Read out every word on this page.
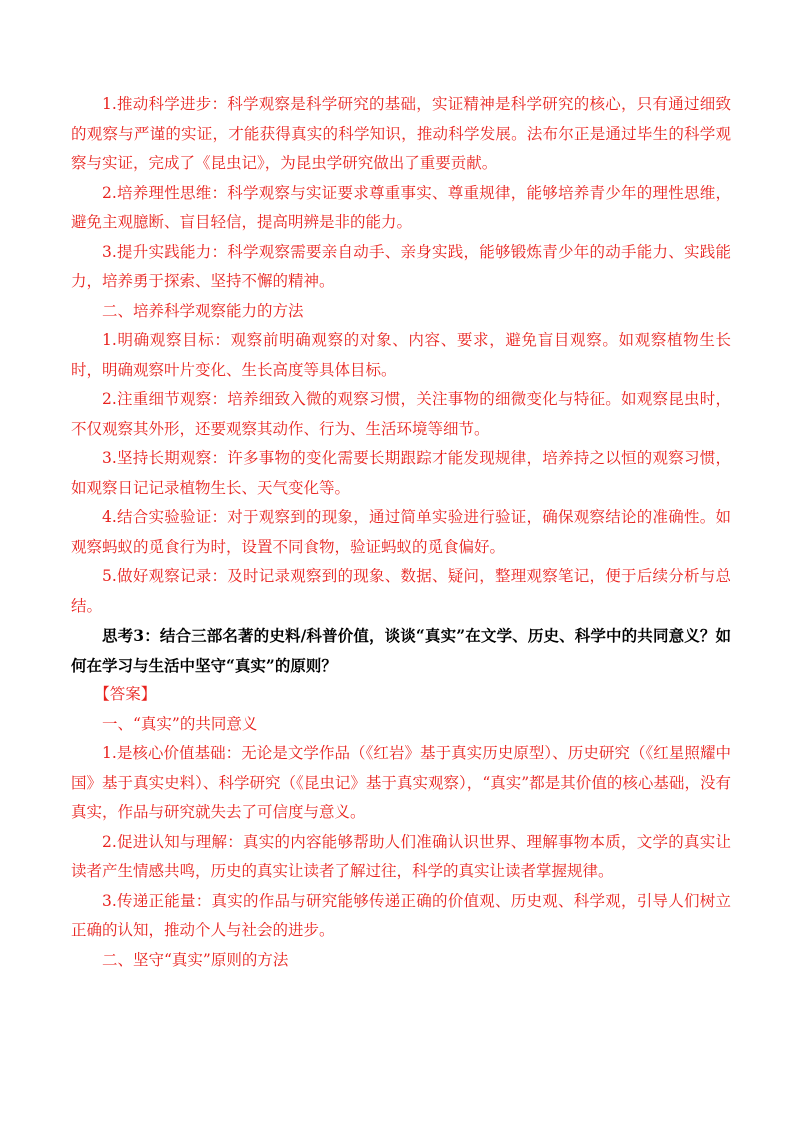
1.推动科学进步：科学观察是科学研究的基础，实证精神是科学研究的核心，只有通过细致的观察与严谨的实证，才能获得真实的科学知识，推动科学发展。法布尔正是通过毕生的科学观察与实证，完成了《昆虫记》，为昆虫学研究做出了重要贡献。

2.培养理性思维：科学观察与实证要求尊重事实、尊重规律，能够培养青少年的理性思维，避免主观臆断、盲目轻信，提高明辨是非的能力。

3.提升实践能力：科学观察需要亲自动手、亲身实践，能够锻炼青少年的动手能力、实践能力，培养勇于探索、坚持不懈的精神。

二、培养科学观察能力的方法

1.明确观察目标：观察前明确观察的对象、内容、要求，避免盲目观察。如观察植物生长时，明确观察叶片变化、生长高度等具体目标。

2.注重细节观察：培养细致入微的观察习惯，关注事物的细微变化与特征。如观察昆虫时，不仅观察其外形，还要观察其动作、行为、生活环境等细节。

3.坚持长期观察：许多事物的变化需要长期跟踪才能发现规律，培养持之以恒的观察习惯，如观察日记记录植物生长、天气变化等。

4.结合实验验证：对于观察到的现象，通过简单实验进行验证，确保观察结论的准确性。如观察蚂蚁的觅食行为时，设置不同食物，验证蚂蚁的觅食偏好。

5.做好观察记录：及时记录观察到的现象、数据、疑问，整理观察笔记，便于后续分析与总结。

思考3：结合三部名著的史料/科普价值，谈谈“真实”在文学、历史、科学中的共同意义？如何在学习与生活中坚守“真实”的原则？

【答案】

一、“真实”的共同意义

1.是核心价值基础：无论是文学作品（《红岩》基于真实历史原型）、历史研究（《红星照耀中国》基于真实史料）、科学研究（《昆虫记》基于真实观察），“真实”都是其价值的核心基础，没有真实，作品与研究就失去了可信度与意义。

2.促进认知与理解：真实的内容能够帮助人们准确认识世界、理解事物本质，文学的真实让读者产生情感共鸣，历史的真实让读者了解过往，科学的真实让读者掌握规律。

3.传递正能量：真实的作品与研究能够传递正确的价值观、历史观、科学观，引导人们树立正确的认知，推动个人与社会的进步。

二、坚守“真实”原则的方法
